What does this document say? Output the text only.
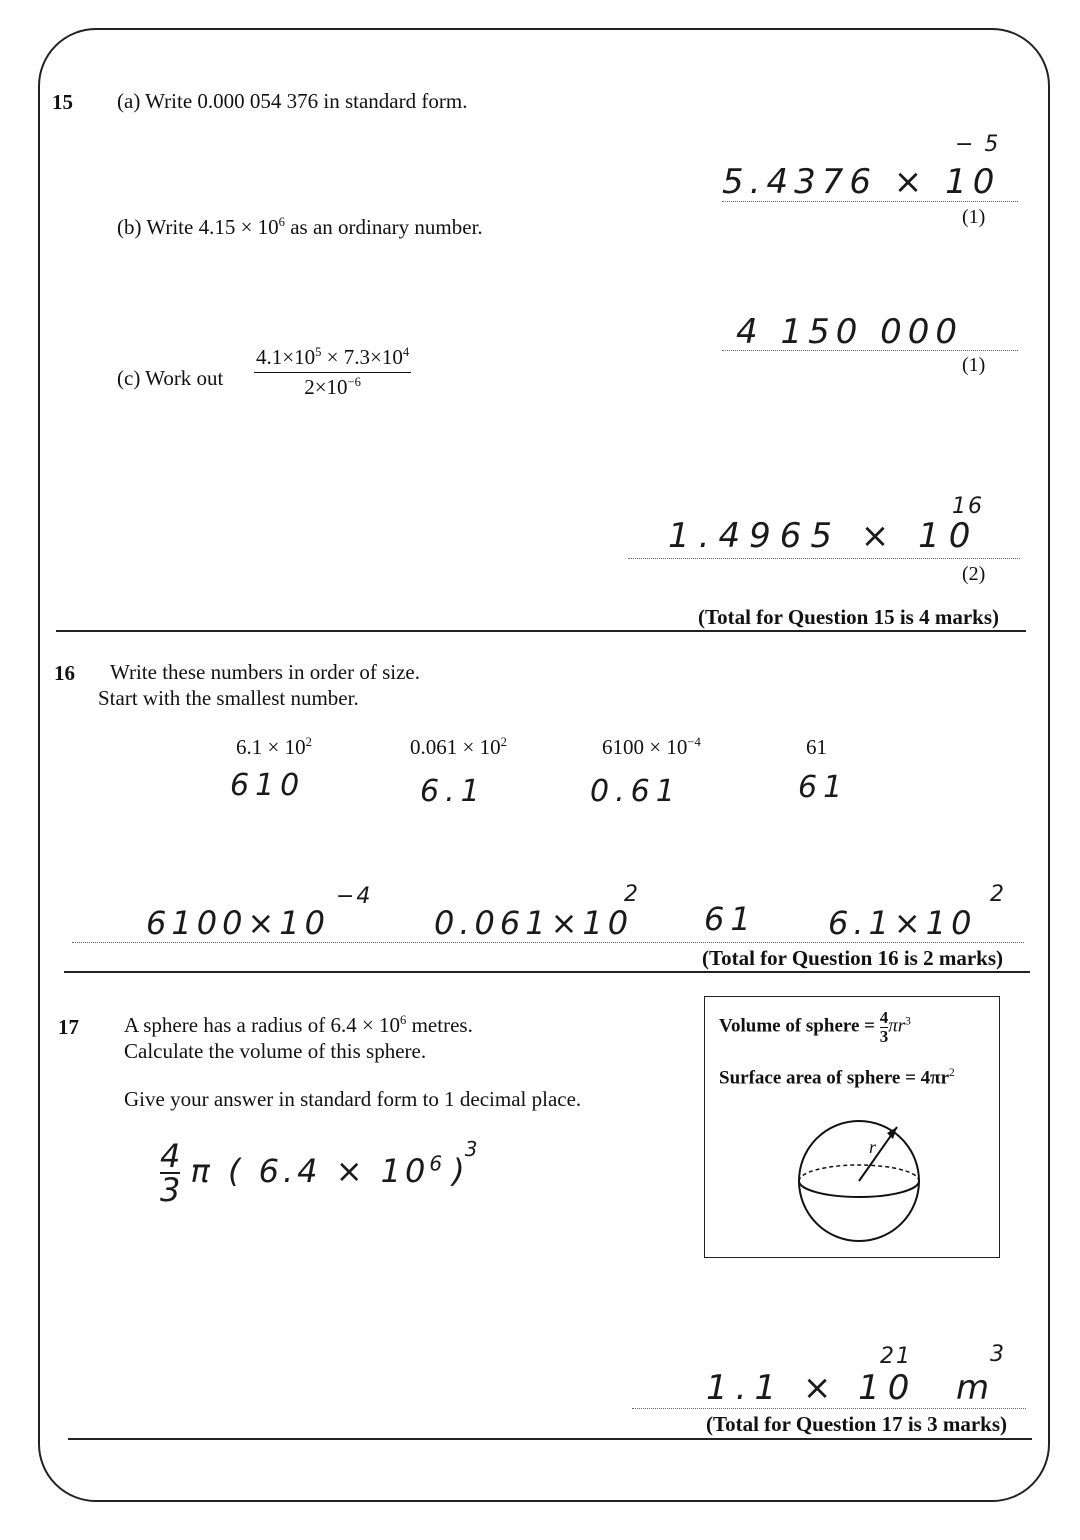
15 (a) Write 0.000 054 376 in standard form.
5.4376 × 10
− 5
(1)
(b) Write $4.15 \times 10^6$ as an ordinary number.
4 150 000
(1)
(c) Work out $\frac{4.1\times 10^5 \times 7.3\times 10^4}{2\times 10^{-6}}$
1.4965 × 10
16
(2)
(Total for Question 15 is 4 marks)
16 Write these numbers in order of size.
Start with the smallest number.
$6.1 \times 10^2$	$0.061 \times 10^2$	$6100 \times 10^{-4}$	61
610	6.1	0.61	61
6100×10
−4
0.061×10
2
61 6.1×10
2
(Total for Question 16 is 2 marks)
17 A sphere has a radius of $6.4 \times 10^6$ metres.
Calculate the volume of this sphere.
Give your answer in standard form to 1 decimal place.
$\frac{4}{3}$ π ( $6.4 \times 10^6$ )$^3$
Volume of sphere = $\frac{4}{3} \pi r^3$
Surface area of sphere = $4\pi r^2$
r
1.1 × 10
21
m
3
(Total for Question 17 is 3 marks)
